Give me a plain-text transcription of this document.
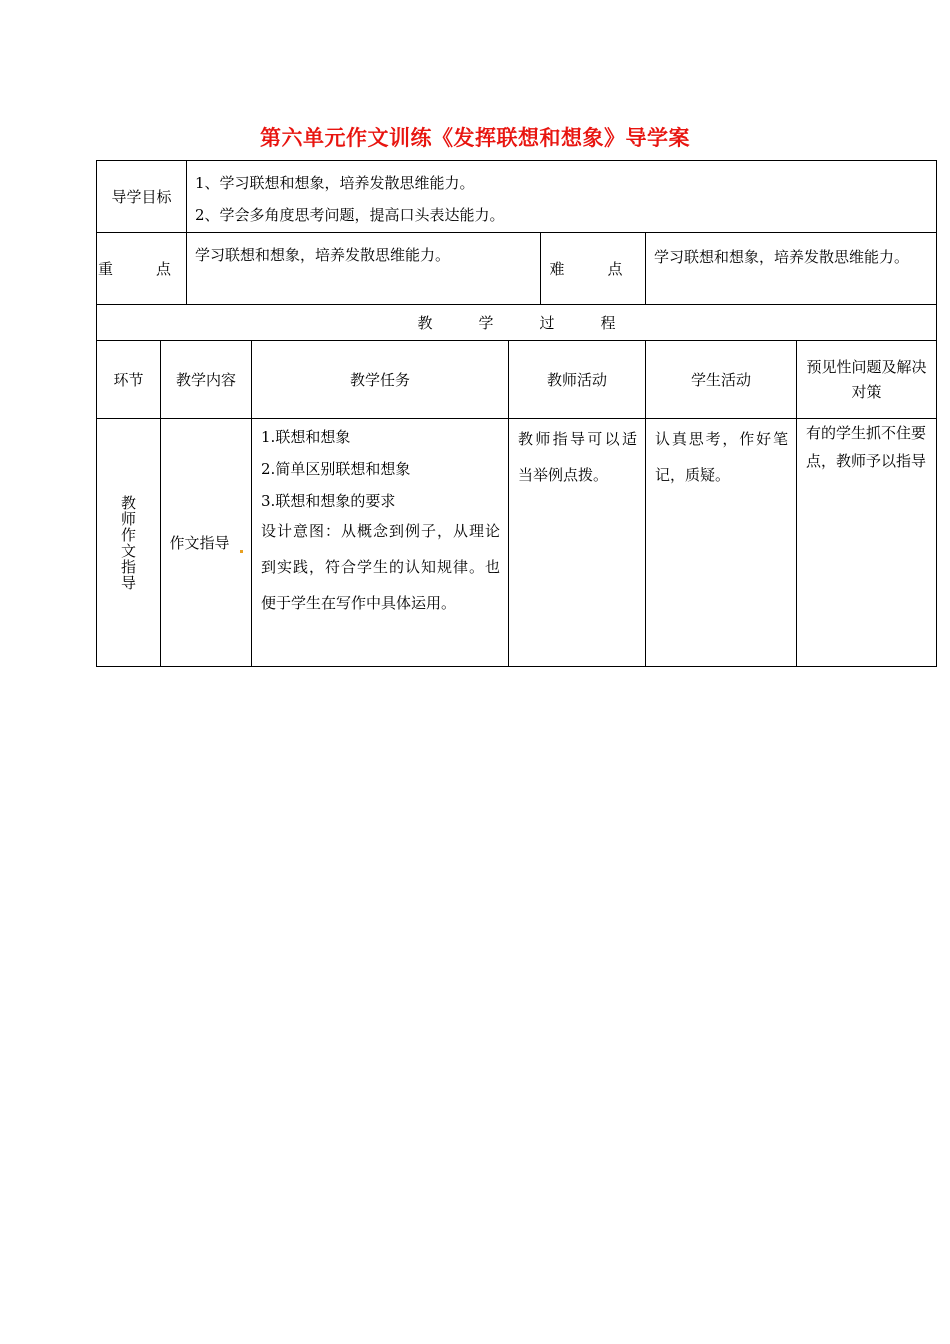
第六单元作文训练《发挥联想和想象》导学案
导学目标		1、学习联想和想象，培养发散思维能力。
2、学会多角度思考问题，提高口头表达能力。					

重　点		学习联想和想象，培养发散思维能力。			难　点	学习联想和想象，培养发散思维能力。	

教学过程							
环节	教学内容		教学任务	教师活动		学生活动	预见性问题及解决对策

教师作文指导	作文指导		1.联想和想象
2.简单区别联想和想象
3.联想和想象的要求
设计意图：从概念到例子，从理论到实践，符合学生的认知规律。也便于学生在写作中具体运用。	教师指导可以适当举例点拨。		认真思考，作好笔记，质疑。	有的学生抓不住要点，教师予以指导
